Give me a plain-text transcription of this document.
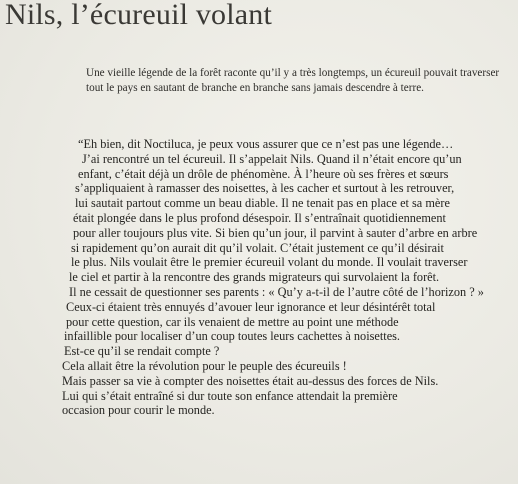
Nils, l’écureuil volant

Une vieille légende de la forêt raconte qu’il y a très longtemps, un écureuil pouvait traverser tout le pays en sautant de branche en branche sans jamais descendre à terre.

“Eh bien, dit Noctiluca, je peux vous assurer que ce n’est pas une légende…
J’ai rencontré un tel écureuil. Il s’appelait Nils. Quand il n’était encore qu’un
enfant, c’était déjà un drôle de phénomène. À l’heure où ses frères et sœurs
s’appliquaient à ramasser des noisettes, à les cacher et surtout à les retrouver,
lui sautait partout comme un beau diable. Il ne tenait pas en place et sa mère
était plongée dans le plus profond désespoir. Il s’entraînait quotidiennement
pour aller toujours plus vite. Si bien qu’un jour, il parvint à sauter d’arbre en arbre
si rapidement qu’on aurait dit qu’il volait. C’était justement ce qu’il désirait
le plus. Nils voulait être le premier écureuil volant du monde. Il voulait traverser
le ciel et partir à la rencontre des grands migrateurs qui survolaient la forêt.
Il ne cessait de questionner ses parents : « Qu’y a-t-il de l’autre côté de l’horizon ? »
Ceux-ci étaient très ennuyés d’avouer leur ignorance et leur désintérêt total
pour cette question, car ils venaient de mettre au point une méthode
infaillible pour localiser d’un coup toutes leurs cachettes à noisettes.
Est-ce qu’il se rendait compte ?
Cela allait être la révolution pour le peuple des écureuils !
Mais passer sa vie à compter des noisettes était au-dessus des forces de Nils.
Lui qui s’était entraîné si dur toute son enfance attendait la première
occasion pour courir le monde.
